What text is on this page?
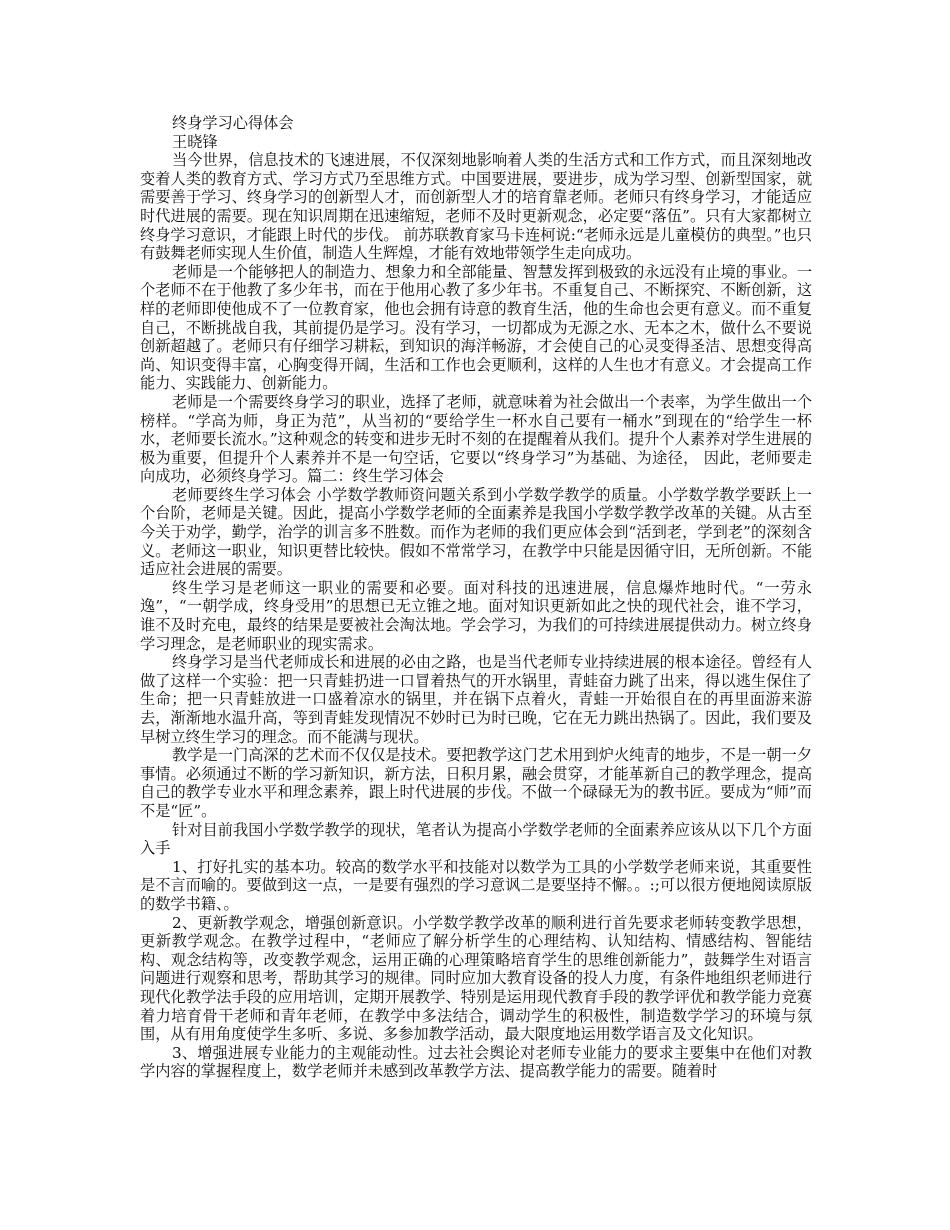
终身学习心得体会
王晓锋

当今世界，信息技术的飞速进展，不仅深刻地影响着人类的生活方式和工作方式，而且深刻地改变着人类的教育方式、学习方式乃至思维方式。中国要进展，要进步，成为学习型、创新型国家，就需要善于学习、终身学习的创新型人才，而创新型人才的培育靠老师。老师只有终身学习，才能适应时代进展的需要。现在知识周期在迅速缩短，老师不及时更新观念，必定要“落伍”。只有大家都树立终身学习意识，才能跟上时代的步伐。 前苏联教育家马卡连柯说:“老师永远是儿童模仿的典型。”也只有鼓舞老师实现人生价值，制造人生辉煌，才能有效地带领学生走向成功。

老师是一个能够把人的制造力、想象力和全部能量、智慧发挥到极致的永远没有止境的事业。一个老师不在于他教了多少年书，而在于他用心教了多少年书。不重复自己、不断探究、不断创新，这样的老师即使他成不了一位教育家，他也会拥有诗意的教育生活，他的生命也会更有意义。而不重复自己，不断挑战自我，其前提仍是学习。没有学习，一切都成为无源之水、无本之木，做什么不要说创新超越了。老师只有仔细学习耕耘，到知识的海洋畅游，才会使自己的心灵变得圣洁、思想变得高尚、知识变得丰富，心胸变得开阔，生活和工作也会更顺利，这样的人生也才有意义。才会提高工作能力、实践能力、创新能力。

老师是一个需要终身学习的职业，选择了老师，就意味着为社会做出一个表率，为学生做出一个榜样。“学高为师，身正为范”，从当初的“要给学生一杯水自己要有一桶水”到现在的“给学生一杯水，老师要长流水。”这种观念的转变和进步无时不刻的在提醒着从我们。提升个人素养对学生进展的极为重要，但提升个人素养并不是一句空话，它要以“终身学习”为基础、为途径， 因此，老师要走向成功，必须终身学习。篇二：终生学习体会

老师要终生学习体会 小学数学教师资问题关系到小学数学教学的质量。小学数学教学要跃上一个台阶，老师是关键。因此，提高小学数学老师的全面素养是我国小学数学教学改革的关键。从古至今关于劝学，勤学，治学的训言多不胜数。而作为老师的我们更应体会到“活到老，学到老”的深刻含义。老师这一职业，知识更替比较快。假如不常常学习，在教学中只能是因循守旧，无所创新。不能适应社会进展的需要。

终生学习是老师这一职业的需要和必要。面对科技的迅速进展，信息爆炸地时代。“一劳永逸”，“一朝学成，终身受用”的思想已无立锥之地。面对知识更新如此之快的现代社会，谁不学习，谁不及时充电，最终的结果是要被社会淘汰地。学会学习，为我们的可持续进展提供动力。树立终身学习理念，是老师职业的现实需求。

终身学习是当代老师成长和进展的必由之路，也是当代老师专业持续进展的根本途径。曾经有人做了这样一个实验：把一只青蛙扔进一口冒着热气的开水锅里，青蛙奋力跳了出来，得以逃生保住了生命；把一只青蛙放进一口盛着凉水的锅里，并在锅下点着火，青蛙一开始很自在的再里面游来游去，渐渐地水温升高，等到青蛙发现情况不妙时已为时已晚，它在无力跳出热锅了。因此，我们要及早树立终生学习的理念。而不能满与现状。

教学是一门高深的艺术而不仅仅是技术。要把教学这门艺术用到炉火纯青的地步，不是一朝一夕事情。必须通过不断的学习新知识，新方法，日积月累，融会贯穿，才能革新自己的教学理念，提高自己的教学专业水平和理念素养，跟上时代进展的步伐。不做一个碌碌无为的教书匠。要成为“师”而不是“匠”。

针对目前我国小学数学教学的现状，笔者认为提高小学数学老师的全面素养应该从以下几个方面入手

1、打好扎实的基本功。较高的数学水平和技能对以数学为工具的小学数学老师来说，其重要性是不言而喻的。要做到这一点，一是要有强烈的学习意讽二是要坚持不懈。。:;可以很方便地阅读原版的数学书籍、。

2、更新教学观念，增强创新意识。小学数学教学改革的顺利进行首先要求老师转变教学思想，更新教学观念。在教学过程中，“老师应了解分析学生的心理结构、认知结构、情感结构、智能结构、观念结构等，改变教学观念，运用正确的心理策略培育学生的思维创新能力”，鼓舞学生对语言问题进行观察和思考，帮助其学习的规律。同时应加大教育设备的投人力度，有条件地组织老师进行现代化教学法手段的应用培训，定期开展教学、特别是运用现代教育手段的教学评优和教学能力竞赛着力培育骨干老师和青年老师，在教学中多法结合，调动学生的积极性，制造数学学习的环境与氛围，从有用角度使学生多听、多说、多参加教学活动，最大限度地运用数学语言及文化知识。

3、增强进展专业能力的主观能动性。过去社会舆论对老师专业能力的要求主要集中在他们对教学内容的掌握程度上，数学老师并未感到改革教学方法、提高教学能力的需要。随着时
